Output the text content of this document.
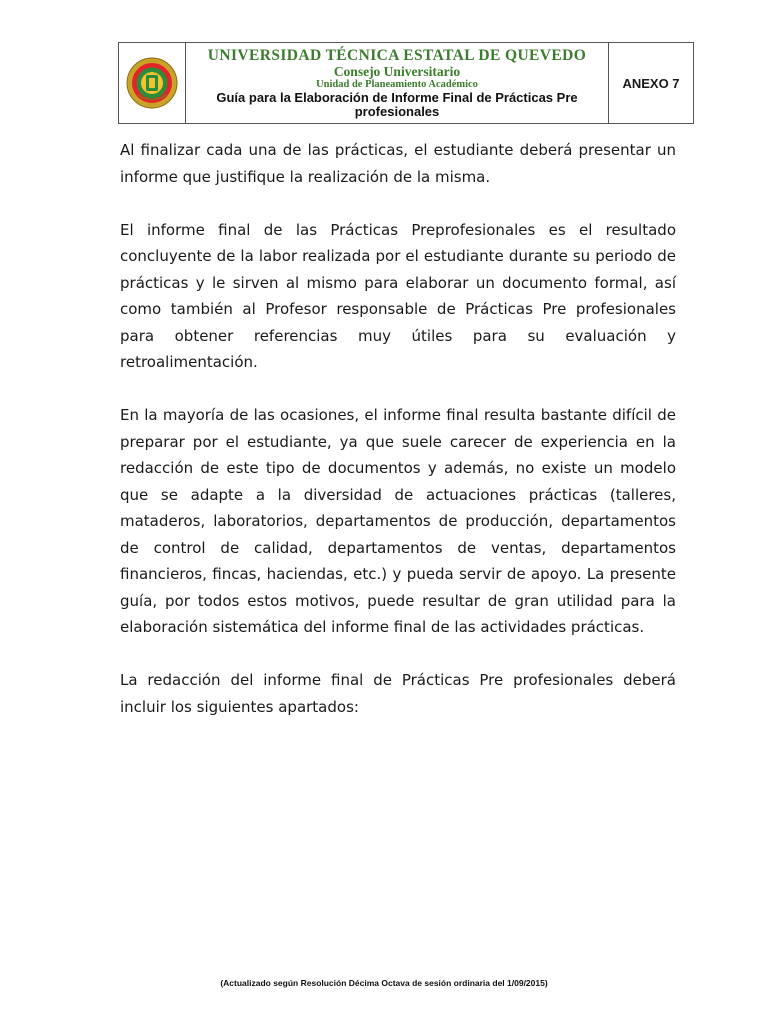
UNIVERSIDAD TÉCNICA ESTATAL DE QUEVEDO
Consejo Universitario
Unidad de Planeamiento Académico
Guía para la Elaboración de Informe Final de Prácticas Pre profesionales
ANEXO 7

Al finalizar cada una de las prácticas, el estudiante deberá presentar un informe que justifique la realización de la misma.

El informe final de las Prácticas Preprofesionales es el resultado concluyente de la labor realizada por el estudiante durante su periodo de prácticas y le sirven al mismo para elaborar un documento formal, así como también al Profesor responsable de Prácticas Pre profesionales para obtener referencias muy útiles para su evaluación y retroalimentación.

En la mayoría de las ocasiones, el informe final resulta bastante difícil de preparar por el estudiante, ya que suele carecer de experiencia en la redacción de este tipo de documentos y además, no existe un modelo que se adapte a la diversidad de actuaciones prácticas (talleres, mataderos, laboratorios, departamentos de producción, departamentos de control de calidad, departamentos de ventas, departamentos financieros, fincas, haciendas, etc.) y pueda servir de apoyo. La presente guía, por todos estos motivos, puede resultar de gran utilidad para la elaboración sistemática del informe final de las actividades prácticas.

La redacción del informe final de Prácticas Pre profesionales deberá incluir los siguientes apartados:

(Actualizado según Resolución Décima Octava de sesión ordinaria del 1/09/2015)
